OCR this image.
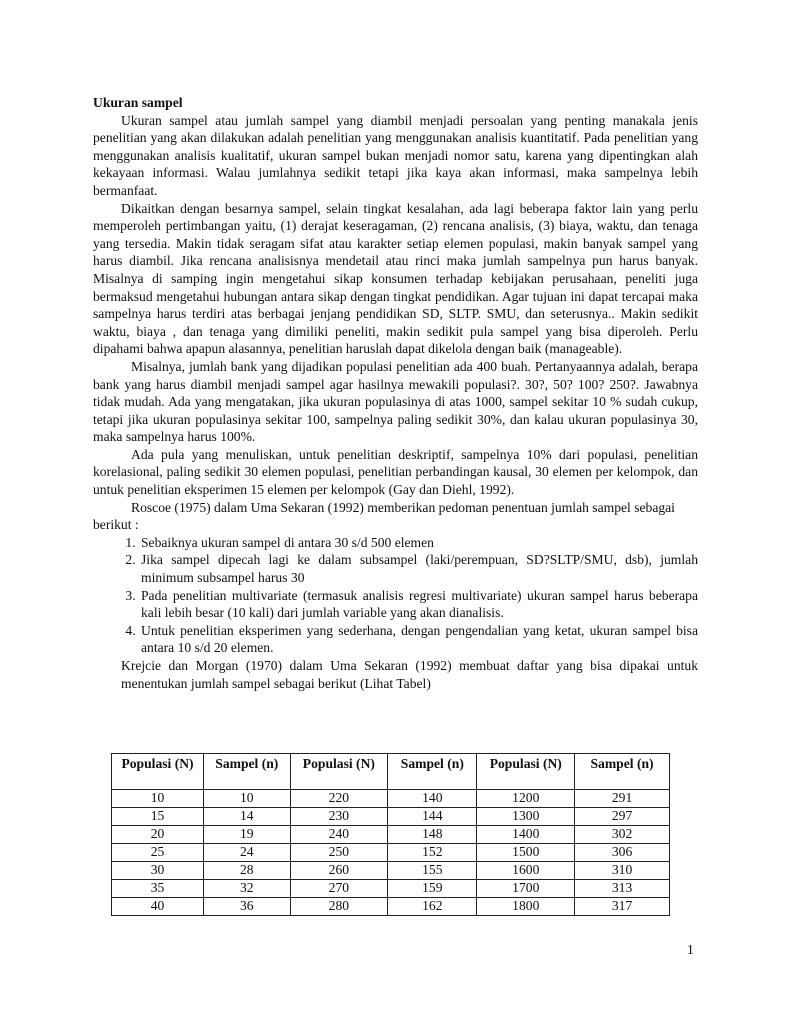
Ukuran sampel

Ukuran sampel atau jumlah sampel yang diambil menjadi persoalan yang penting manakala jenis penelitian yang akan dilakukan adalah penelitian yang menggunakan analisis kuantitatif. Pada penelitian yang menggunakan analisis kualitatif, ukuran sampel bukan menjadi nomor satu, karena yang dipentingkan alah kekayaan informasi. Walau jumlahnya sedikit tetapi jika kaya akan informasi, maka sampelnya lebih bermanfaat.

Dikaitkan dengan besarnya sampel, selain tingkat kesalahan, ada lagi beberapa faktor lain yang perlu memperoleh pertimbangan yaitu, (1) derajat keseragaman, (2) rencana analisis, (3) biaya, waktu, dan tenaga yang tersedia. Makin tidak seragam sifat atau karakter setiap elemen populasi, makin banyak sampel yang harus diambil. Jika rencana analisisnya mendetail atau rinci maka jumlah sampelnya pun harus banyak. Misalnya di samping ingin mengetahui sikap konsumen terhadap kebijakan perusahaan, peneliti juga bermaksud mengetahui hubungan antara sikap dengan tingkat pendidikan. Agar tujuan ini dapat tercapai maka sampelnya harus terdiri atas berbagai jenjang pendidikan SD, SLTP. SMU, dan seterusnya.. Makin sedikit waktu, biaya , dan tenaga yang dimiliki peneliti, makin sedikit pula sampel yang bisa diperoleh. Perlu dipahami bahwa apapun alasannya, penelitian haruslah dapat dikelola dengan baik (manageable).

Misalnya, jumlah bank yang dijadikan populasi penelitian ada 400 buah. Pertanyaannya adalah, berapa bank yang harus diambil menjadi sampel agar hasilnya mewakili populasi?. 30?, 50? 100? 250?. Jawabnya tidak mudah. Ada yang mengatakan, jika ukuran populasinya di atas 1000, sampel sekitar 10 % sudah cukup, tetapi jika ukuran populasinya sekitar 100, sampelnya paling sedikit 30%, dan kalau ukuran populasinya 30, maka sampelnya harus 100%.

Ada pula yang menuliskan, untuk penelitian deskriptif, sampelnya 10% dari populasi, penelitian korelasional, paling sedikit 30 elemen populasi, penelitian perbandingan kausal, 30 elemen per kelompok, dan untuk penelitian eksperimen 15 elemen per kelompok (Gay dan Diehl, 1992).

Roscoe (1975) dalam Uma Sekaran (1992) memberikan pedoman penentuan jumlah sampel sebagai berikut :

1. Sebaiknya ukuran sampel di antara 30 s/d 500 elemen
2. Jika sampel dipecah lagi ke dalam subsampel (laki/perempuan, SD?SLTP/SMU, dsb), jumlah minimum subsampel harus 30
3. Pada penelitian multivariate (termasuk analisis regresi multivariate) ukuran sampel harus beberapa kali lebih besar (10 kali) dari jumlah variable yang akan dianalisis.
4. Untuk penelitian eksperimen yang sederhana, dengan pengendalian yang ketat, ukuran sampel bisa antara 10 s/d 20 elemen.

Krejcie dan Morgan (1970) dalam Uma Sekaran (1992) membuat daftar yang bisa dipakai untuk menentukan jumlah sampel sebagai berikut (Lihat Tabel)

Populasi (N)	Sampel (n)	Populasi (N)	Sampel (n)	Populasi (N)	Sampel (n)
10	10	220	140	1200	291
15	14	230	144	1300	297
20	19	240	148	1400	302
25	24	250	152	1500	306
30	28	260	155	1600	310
35	32	270	159	1700	313
40	36	280	162	1800	317
1
